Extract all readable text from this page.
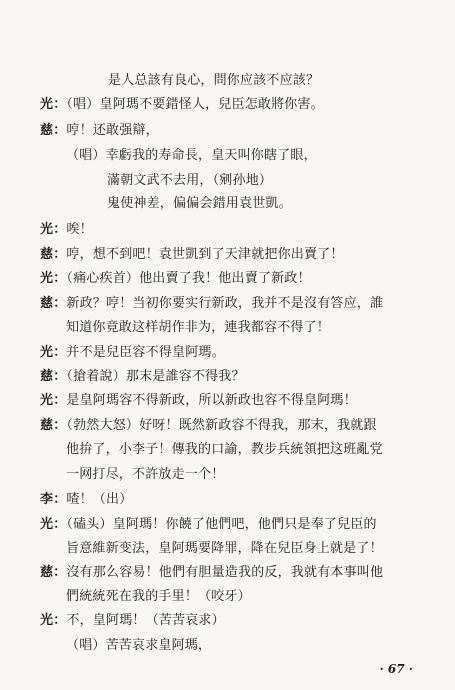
是人总該有良心，問你应該不应該？
光：（唱）皇阿瑪不要錯怪人，兒臣怎敢將你害。
慈：哼！还敢强辯，
（唱）幸虧我的寿命長，皇天叫你瞎了眼，
滿朝文武不去用，（剜孙地）
鬼使神差，偏偏会錯用袁世凱。
光：唉！
慈：哼，想不到吧！袁世凱到了天津就把你出賣了！
光：（痛心疾首）他出賣了我！他出賣了新政！
慈：新政？哼！当初你要实行新政，我并不是沒有答应，誰
知道你竟敢这样胡作非为，連我都容不得了！
光：并不是兒臣容不得皇阿瑪。
慈：（搶着說）那末是誰容不得我？
光：是皇阿瑪容不得新政，所以新政也容不得皇阿瑪！
慈：（勃然大怒）好呀！既然新政容不得我，那末，我就跟
他拚了，小李子！傳我的口諭，教步兵統領把这班亂党
一网打尽，不許放走一个！
李：喳！（出）
光：（磕头）皇阿瑪！你饒了他們吧，他們只是奉了兒臣的
旨意維新变法，皇阿瑪要降罪，降在兒臣身上就是了！
慈：沒有那么容易！他們有胆量造我的反，我就有本事叫他
們統統死在我的手里！（咬牙）
光：不，皇阿瑪！（苦苦哀求）
（唱）苦苦哀求皇阿瑪，
· 67 ·
